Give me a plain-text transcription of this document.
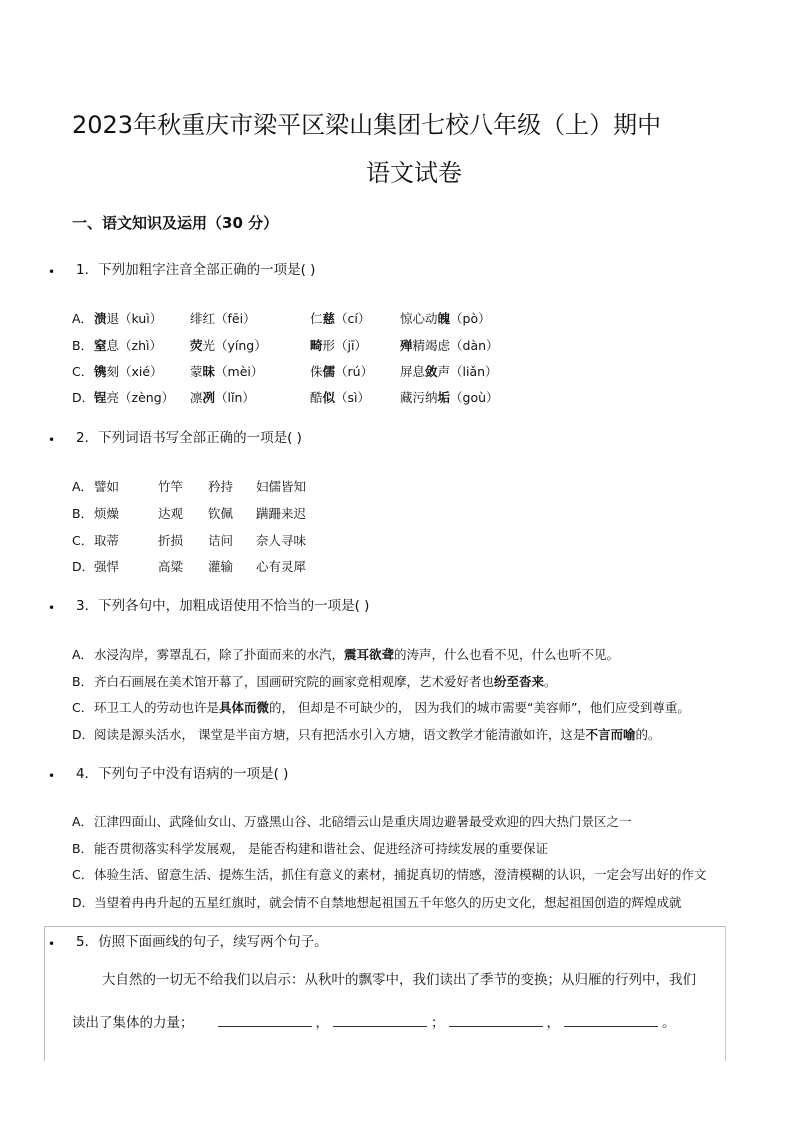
2023年秋重庆市梁平区梁山集团七校八年级（上）期中
语文试卷
一、语文知识及运用（30 分）
• 1．下列加粗字注音全部正确的一项是( )
A． 溃退（kuì）	绯红（fēi）	仁慈（cí）	惊心动魄（pò）
B． 窒息（zhì）	荧光（yíng）	畸形（jī）	殚精竭虑（dàn）
C． 镌刻（xié）	蒙昧（mèi）	侏儒（rú）	屏息敛声（liǎn）
D． 锃亮（zèng）	凛冽（lǐn）	酷似（sì）	藏污纳垢（goù）
• 2．下列词语书写全部正确的一项是( )
A． 譬如	竹竿	矜持	妇儒皆知
B． 烦燥	达观	钦佩	蹒跚来迟
C． 取蒂	折损	诘问	奈人寻味
D． 强悍	高粱	灌输	心有灵犀
• 3．下列各句中，加粗成语使用不恰当的一项是( )
A． 水浸沟岸，雾罩乱石，除了扑面而来的水汽，震耳欲聋的涛声，什么也看不见，什么也听不见。
B． 齐白石画展在美术馆开幕了，国画研究院的画家竞相观摩，艺术爱好者也纷至沓来。
C． 环卫工人的劳动也许是具体而微的， 但却是不可缺少的， 因为我们的城市需要“美容师”，他们应受到尊重。
D． 阅读是源头活水， 课堂是半亩方塘，只有把活水引入方塘，语文教学才能清澈如许，这是不言而喻的。
• 4．下列句子中没有语病的一项是( )
A． 江津四面山、武隆仙女山、万盛黑山谷、北碚缙云山是重庆周边避暑最受欢迎的四大热门景区之一
B． 能否贯彻落实科学发展观， 是能否构建和谐社会、促进经济可持续发展的重要保证
C． 体验生活、留意生活、提炼生活，抓住有意义的素材，捕捉真切的情感，澄清模糊的认识，一定会写出好的作文
D． 当望着冉冉升起的五星红旗时，就会情不自禁地想起祖国五千年悠久的历史文化，想起祖国创造的辉煌成就
• 5．仿照下面画线的句子，续写两个句子。
大自然的一切无不给我们以启示：从秋叶的飘零中，我们读出了季节的变换；从归雁的行列中，我们
读出了集体的力量；	，	；	，	。
